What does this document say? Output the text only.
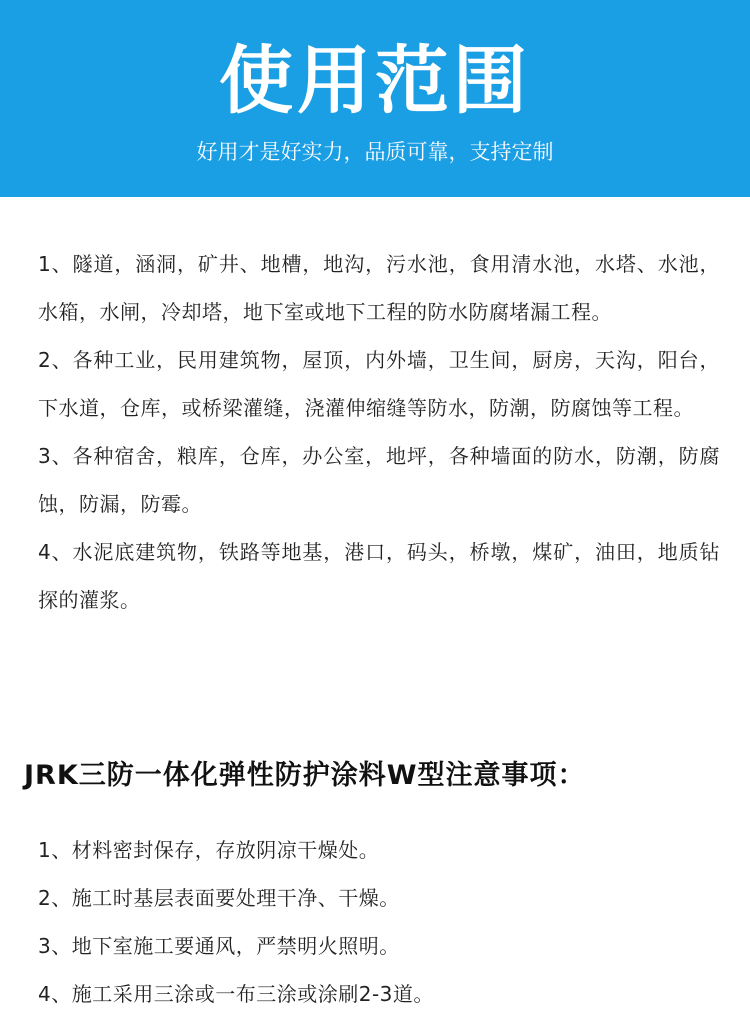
使用范围
好用才是好实力，品质可靠，支持定制
1、隧道，涵洞，矿井、地槽，地沟，污水池，食用清水池，水塔、水池，水箱，水闸，冷却塔，地下室或地下工程的防水防腐堵漏工程。
2、各种工业，民用建筑物，屋顶，内外墙，卫生间，厨房，天沟，阳台，下水道，仓库，或桥梁灌缝，浇灌伸缩缝等防水，防潮，防腐蚀等工程。
3、各种宿舍，粮库，仓库，办公室，地坪，各种墙面的防水，防潮，防腐蚀，防漏，防霉。
4、水泥底建筑物，铁路等地基，港口，码头，桥墩，煤矿，油田，地质钻探的灌浆。
JRK三防一体化弹性防护涂料W型注意事项：
1、材料密封保存，存放阴凉干燥处。
2、施工时基层表面要处理干净、干燥。
3、地下室施工要通风，严禁明火照明。
4、施工采用三涂或一布三涂或涂刷2-3道。
